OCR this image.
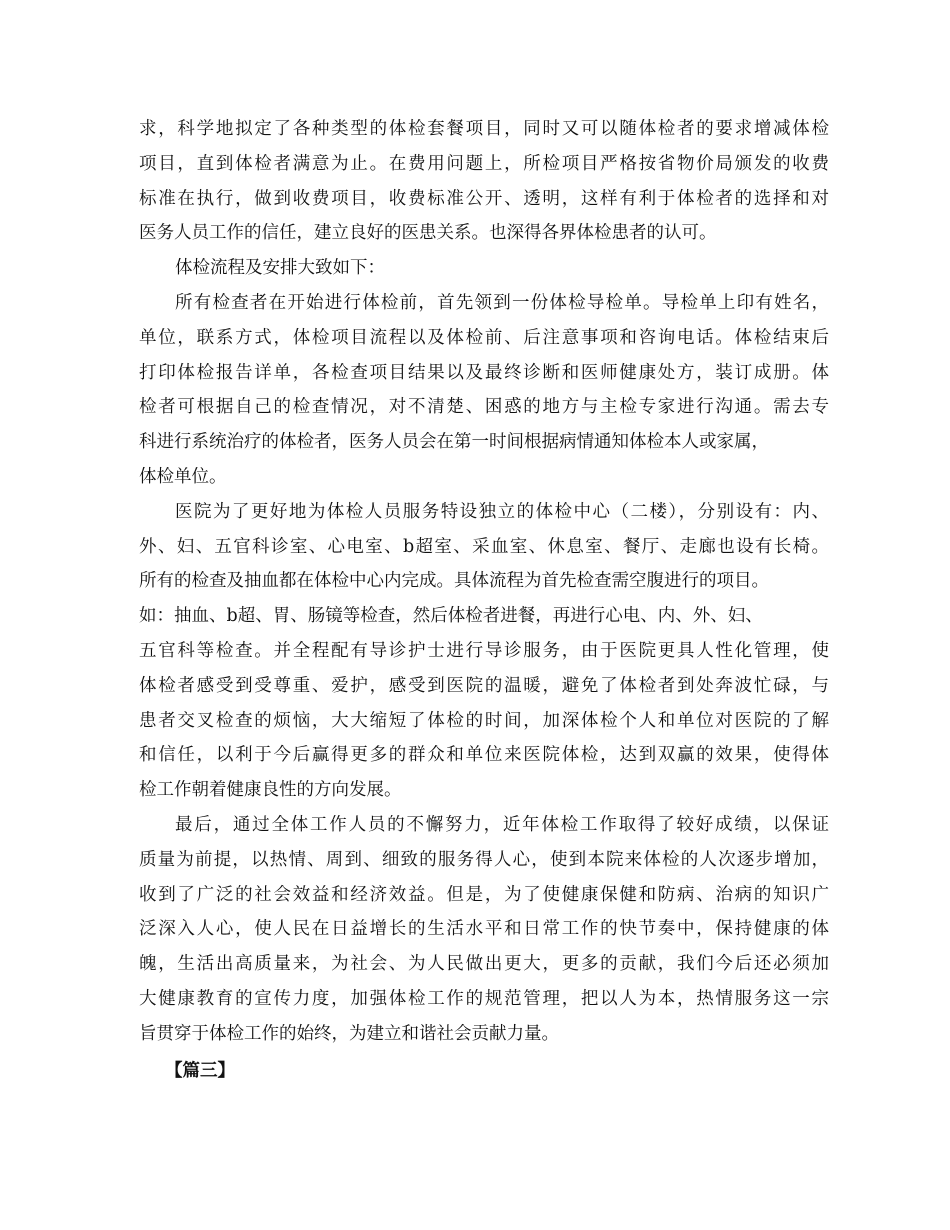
求，科学地拟定了各种类型的体检套餐项目，同时又可以随体检者的要求增减体检
项目，直到体检者满意为止。在费用问题上，所检项目严格按省物价局颁发的收费
标准在执行，做到收费项目，收费标准公开、透明，这样有利于体检者的选择和对
医务人员工作的信任，建立良好的医患关系。也深得各界体检患者的认可。
体检流程及安排大致如下：
所有检查者在开始进行体检前，首先领到一份体检导检单。导检单上印有姓名，
单位，联系方式，体检项目流程以及体检前、后注意事项和咨询电话。体检结束后
打印体检报告详单，各检查项目结果以及最终诊断和医师健康处方，装订成册。体
检者可根据自己的检查情况，对不清楚、困惑的地方与主检专家进行沟通。需去专
科进行系统治疗的体检者，医务人员会在第一时间根据病情通知体检本人或家属，
体检单位。
医院为了更好地为体检人员服务特设独立的体检中心（二楼），分别设有：内、
外、妇、五官科诊室、心电室、b超室、采血室、休息室、餐厅、走廊也设有长椅。
所有的检查及抽血都在体检中心内完成。具体流程为首先检查需空腹进行的项目。
如：抽血、b超、胃、肠镜等检查，然后体检者进餐，再进行心电、内、外、妇、
五官科等检查。并全程配有导诊护士进行导诊服务，由于医院更具人性化管理，使
体检者感受到受尊重、爱护，感受到医院的温暖，避免了体检者到处奔波忙碌，与
患者交叉检查的烦恼，大大缩短了体检的时间，加深体检个人和单位对医院的了解
和信任，以利于今后赢得更多的群众和单位来医院体检，达到双赢的效果，使得体
检工作朝着健康良性的方向发展。
最后，通过全体工作人员的不懈努力，近年体检工作取得了较好成绩，以保证
质量为前提，以热情、周到、细致的服务得人心，使到本院来体检的人次逐步增加，
收到了广泛的社会效益和经济效益。但是，为了使健康保健和防病、治病的知识广
泛深入人心，使人民在日益增长的生活水平和日常工作的快节奏中，保持健康的体
魄，生活出高质量来，为社会、为人民做出更大，更多的贡献，我们今后还必须加
大健康教育的宣传力度，加强体检工作的规范管理，把以人为本，热情服务这一宗
旨贯穿于体检工作的始终，为建立和谐社会贡献力量。
【篇三】
